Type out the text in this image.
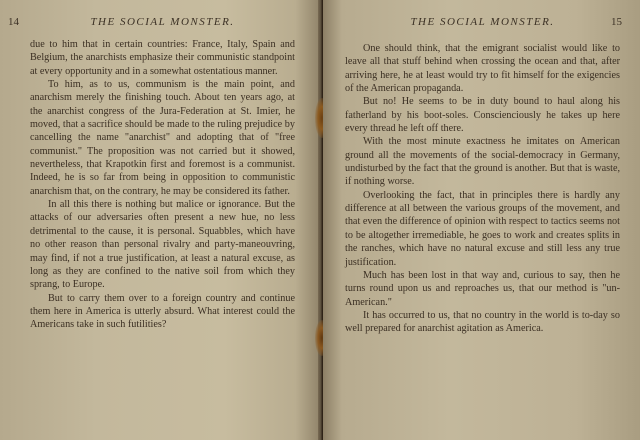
14	THE SOCIAL MONSTER.

due to him that in certain countries: France, Italy, Spain and Belgium, the anarchists emphasize their communistic standpoint at every opportunity and in a somewhat ostentatious manner.

To him, as to us, communism is the main point, and anarchism merely the finishing touch. About ten years ago, at the anarchist congress of the Jura-Federation at St. Imier, he moved, that a sacrifice should be made to the ruling prejudice by cancelling the name "anarchist" and adopting that of "free communist." The proposition was not carried but it showed, nevertheless, that Krapotkin first and foremost is a communist. Indeed, he is so far from being in opposition to communistic anarchism that, on the contrary, he may be considered its father.

In all this there is nothing but malice or ignorance. But the attacks of our adversaries often present a new hue, no less detrimental to the cause, it is personal. Squabbles, which have no other reason than personal rivalry and party-maneouvring, may find, if not a true justification, at least a natural excuse, as long as they are confined to the native soil from which they sprang, to Europe.

But to carry them over to a foreign country and continue them here in America is utterly absurd. What interest could the Americans take in such futilities?

THE SOCIAL MONSTER.	15

One should think, that the emigrant socialist would like to leave all that stuff behind when crossing the ocean and that, after arriving here, he at least would try to fit himself for the exigencies of the American propaganda.

But no! He seems to be in duty bound to haul along his fatherland by his boot-soles. Conscienciously he takes up here every thread he left off there.

With the most minute exactness he imitates on American ground all the movements of the social-democracy in Germany, undisturbed by the fact that the ground is another. But that is waste, if nothing worse.

Overlooking the fact, that in principles there is hardly any difference at all between the various groups of the movement, and that even the difference of opinion with respect to tactics seems not to be altogether irremediable, he goes to work and creates splits in the ranches, which have no natural excuse and still less any true justification.

Much has been lost in that way and, curious to say, then he turns round upon us and reproaches us, that our method is "un-American."

It has occurred to us, that no country in the world is to-day so well prepared for anarchist agitation as America.
